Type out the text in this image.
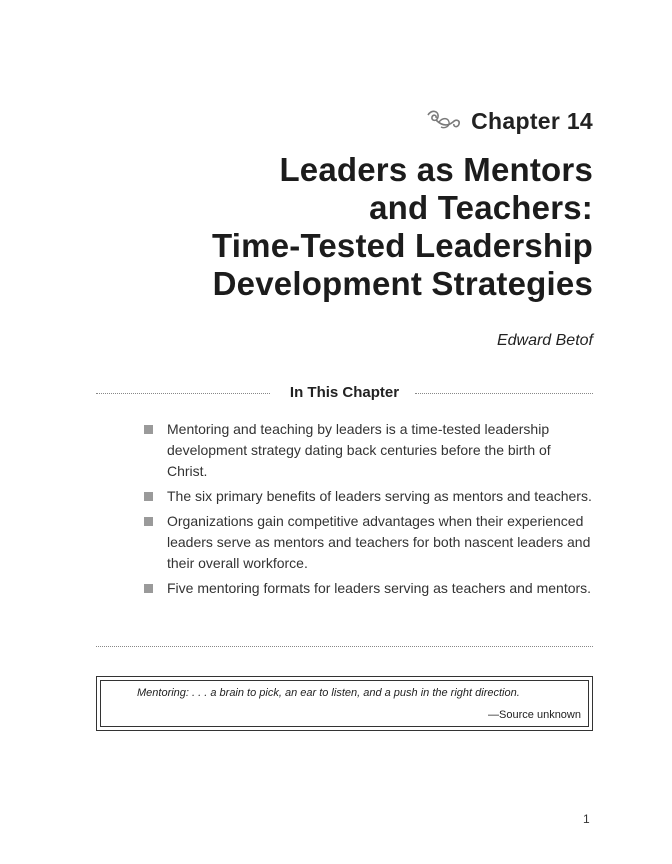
Chapter 14
Leaders as Mentors
and Teachers:
Time-Tested Leadership
Development Strategies
Edward Betof
In This Chapter
Mentoring and teaching by leaders is a time-tested leadership development strategy dating back centuries before the birth of Christ.
The six primary benefits of leaders serving as mentors and teachers.
Organizations gain competitive advantages when their experienced leaders serve as mentors and teachers for both nascent leaders and their overall workforce.
Five mentoring formats for leaders serving as teachers and mentors.
Mentoring: . . . a brain to pick, an ear to listen, and a push in the right direction.
—Source unknown
1
